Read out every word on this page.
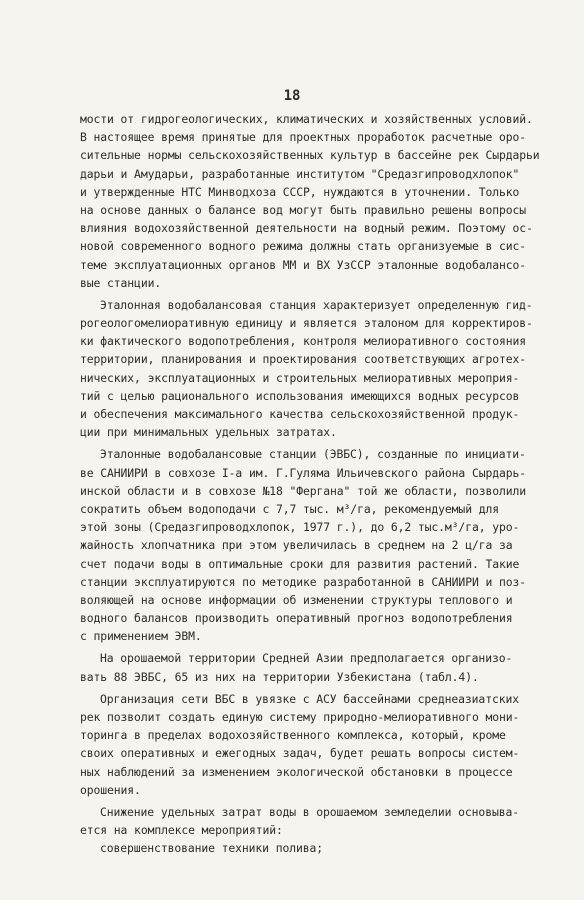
18
мости от гидрогеологических, климатических и хозяйственных условий.
В настоящее время принятые для проектных проработок расчетные оро-
сительные нормы сельскохозяйственных культур в бассейне рек Сырдарьи
дарьи и Амударьи, разработанные институтом "Средазгипроводхлопок"
и утвержденные НТС Минводхоза СССР, нуждаются в уточнении. Только
на основе данных о балансе вод могут быть правильно решены вопросы
влияния водохозяйственной деятельности на водный режим. Поэтому ос-
новой современного водного режима должны стать организуемые в сис-
теме эксплуатационных органов ММ и ВХ УзССР эталонные водобалансо-
вые станции.
Эталонная водобалансовая станция характеризует определенную гид-
рогеологомелиоративную единицу и является эталоном для корректиров-
ки фактического водопотребления, контроля мелиоративного состояния
территории, планирования и проектирования соответствующих агротех-
нических, эксплуатационных и строительных мелиоративных мероприя-
тий с целью рационального использования имеющихся водных ресурсов
и обеспечения максимального качества сельскохозяйственной продук-
ции при минимальных удельных затратах.
Эталонные водобалансовые станции (ЭВБС), созданные по инициати-
ве САНИИРИ в совхозе I-а им. Г.Гуляма Ильичевского района Сырдарь-
инской области и в совхозе №18 "Фергана" той же области, позволили
сократить объем водоподачи с 7,7 тыс. м³/га, рекомендуемый для
этой зоны (Средазгипроводхлопок, 1977 г.), до 6,2 тыс.м³/га, уро-
жайность хлопчатника при этом увеличилась в среднем на 2 ц/га за
счет подачи воды в оптимальные сроки для развития растений. Такие
станции эксплуатируются по методике разработанной в САНИИРИ и поз-
воляющей на основе информации об изменении структуры теплового и
водного балансов производить оперативный прогноз водопотребления
с применением ЭВМ.
На орошаемой территории Средней Азии предполагается организо-
вать 88 ЭВБС, 65 из них на территории Узбекистана (табл.4).
Организация сети ВБС в увязке с АСУ бассейнами среднеазиатских
рек позволит создать единую систему природно-мелиоративного мони-
торинга в пределах водохозяйственного комплекса, который, кроме
своих оперативных и ежегодных задач, будет решать вопросы систем-
ных наблюдений за изменением экологической обстановки в процессе
орошения.
Снижение удельных затрат воды в орошаемом земледелии основыва-
ется на комплексе мероприятий:
совершенствование техники полива;
